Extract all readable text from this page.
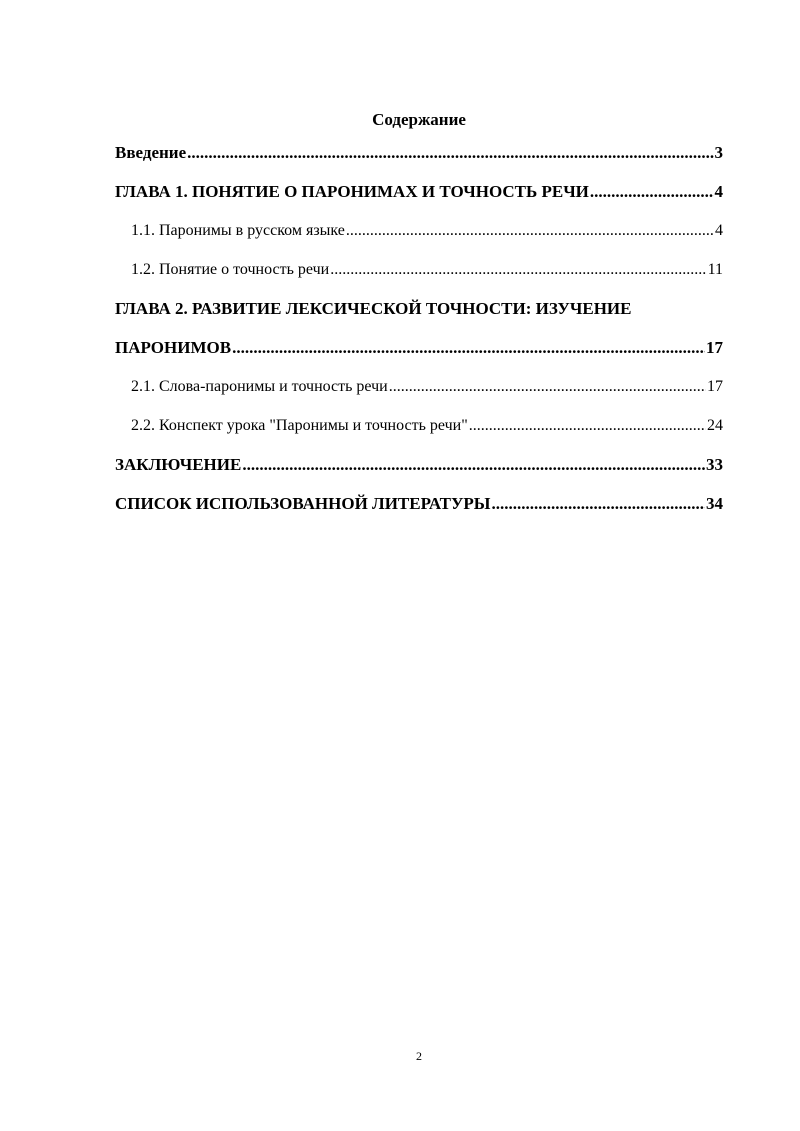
Содержание
Введение .....	3
ГЛАВА 1. ПОНЯТИЕ О ПАРОНИМАХ И ТОЧНОСТЬ РЕЧИ .....	4
1.1. Паронимы в русском языке .....	4
1.2. Понятие о точность речи .....	11
ГЛАВА 2. РАЗВИТИЕ ЛЕКСИЧЕСКОЙ ТОЧНОСТИ: ИЗУЧЕНИЕ
ПАРОНИМОВ .....	17
2.1. Слова-паронимы и точность речи .....	17
2.2. Конспект урока "Паронимы и точность речи" .....	24
ЗАКЛЮЧЕНИЕ .....	33
СПИСОК ИСПОЛЬЗОВАННОЙ ЛИТЕРАТУРЫ .....	34
2
